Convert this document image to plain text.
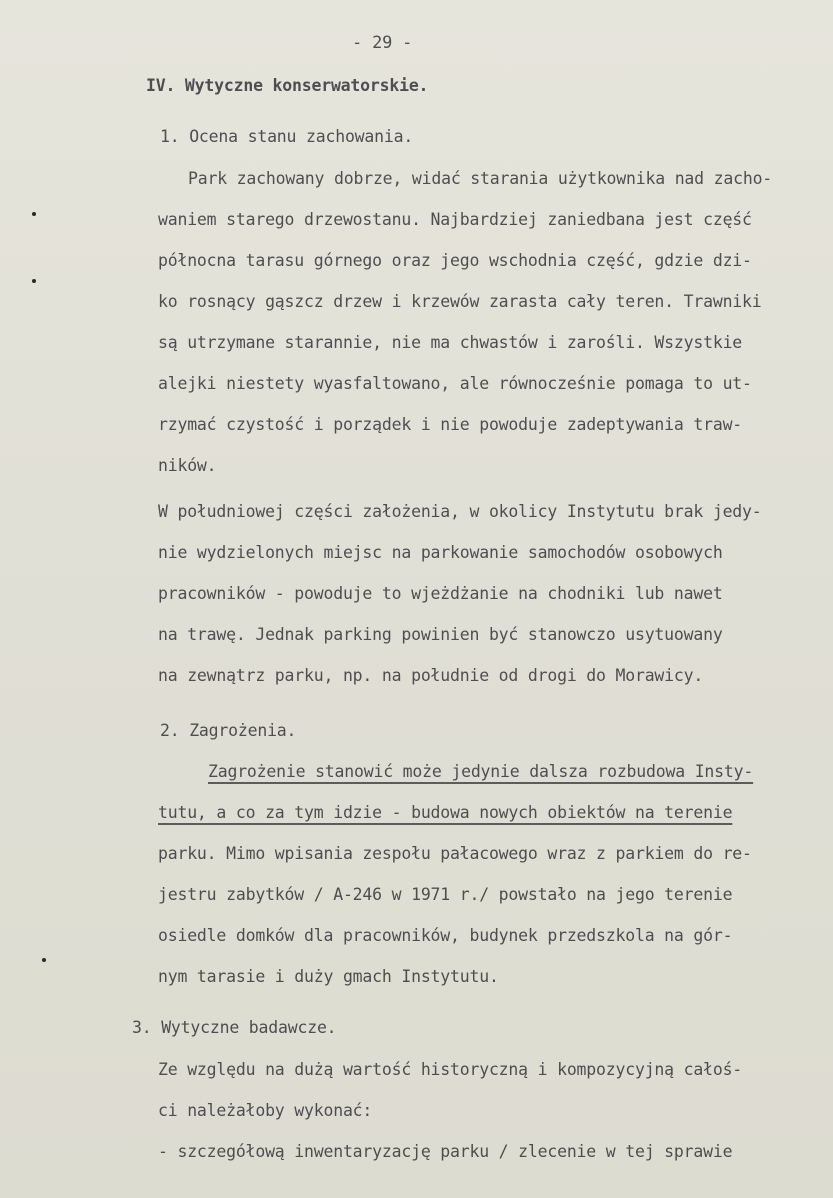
- 29 -
IV. Wytyczne konserwatorskie.
1. Ocena stanu zachowania.
Park zachowany dobrze, widać starania użytkownika nad zacho-
waniem starego drzewostanu. Najbardziej zaniedbana jest część
północna tarasu górnego oraz jego wschodnia część, gdzie dzi-
ko rosnący gąszcz drzew i krzewów zarasta cały teren. Trawniki
są utrzymane starannie, nie ma chwastów i zarośli. Wszystkie
alejki niestety wyasfaltowano, ale równocześnie pomaga to ut-
rzymać czystość i porządek i nie powoduje zadeptywania traw-
ników.
W południowej części założenia, w okolicy Instytutu brak jedy-
nie wydzielonych miejsc na parkowanie samochodów osobowych
pracowników - powoduje to wjeżdżanie na chodniki lub nawet
na trawę. Jednak parking powinien być stanowczo usytuowany
na zewnątrz parku, np. na południe od drogi do Morawicy.
2. Zagrożenia.
Zagrożenie stanowić może jedynie dalsza rozbudowa Insty-
tutu, a co za tym idzie - budowa nowych obiektów na terenie
parku. Mimo wpisania zespołu pałacowego wraz z parkiem do re-
jestru zabytków / A-246 w 1971 r./ powstało na jego terenie
osiedle domków dla pracowników, budynek przedszkola na gór-
nym tarasie i duży gmach Instytutu.
3. Wytyczne badawcze.
Ze względu na dużą wartość historyczną i kompozycyjną całoś-
ci należałoby wykonać:
- szczegółową inwentaryzację parku / zlecenie w tej sprawie
